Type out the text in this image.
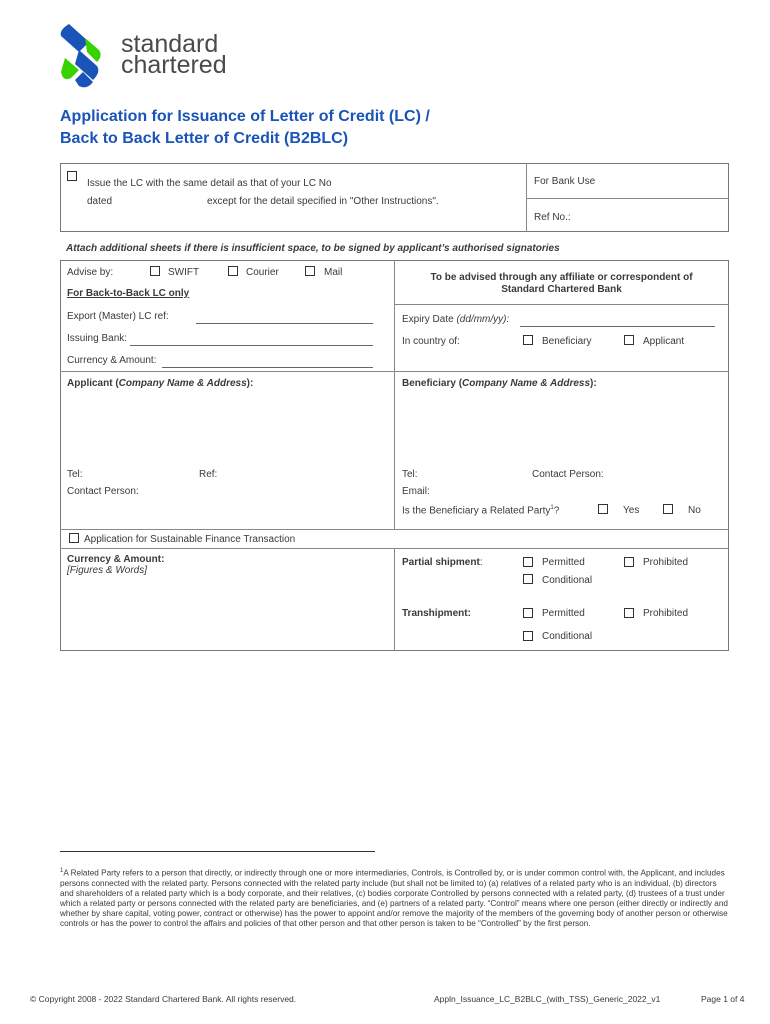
standard
chartered
Application for Issuance of Letter of Credit (LC) /
Back to Back Letter of Credit (B2BLC)
Issue the LC with the same detail as that of your LC No
dated	except for the detail specified in "Other Instructions".
For Bank Use
Ref No.:
Attach additional sheets if there is insufficient space, to be signed by applicant’s authorised signatories
Advise by:	SWIFT	Courier	Mail
For Back-to-Back LC only
Export (Master) LC ref:
Issuing Bank:
Currency & Amount:
To be advised through any affiliate or correspondent of
Standard Chartered Bank
Expiry Date (dd/mm/yy):
In country of:	Beneficiary	Applicant
Applicant (Company Name & Address):
Tel:	Ref:
Contact Person:
Beneficiary (Company Name & Address):
Tel:	Contact Person:
Email:
Is the Beneficiary a Related Party$^1$?	Yes	No
Application for Sustainable Finance Transaction
Currency & Amount:
[Figures & Words]
Partial shipment:	Permitted	Prohibited
Conditional
Transhipment:	Permitted	Prohibited
Conditional
$^1$A Related Party refers to a person that directly, or indirectly through one or more intermediaries, Controls, is Controlled by, or is under common control with, the Applicant, and includes persons connected with the related party. Persons connected with the related party include (but shall not be limited to) (a) relatives of a related party who is an individual, (b) directors and shareholders of a related party which is a body corporate, and their relatives, (c) bodies corporate Controlled by persons connected with a related party, (d) trustees of a trust under which a related party or persons connected with the related party are beneficiaries, and (e) partners of a related party. “Control” means where one person (either directly or indirectly and whether by share capital, voting power, contract or otherwise) has the power to appoint and/or remove the majority of the members of the governing body of another person or otherwise controls or has the power to control the affairs and policies of that other person and that other person is taken to be “Controlled” by the first person.
© Copyright 2008 - 2022 Standard Chartered Bank. All rights reserved.	Appln_Issuance_LC_B2BLC_(with_TSS)_Generic_2022_v1	Page 1 of 4
